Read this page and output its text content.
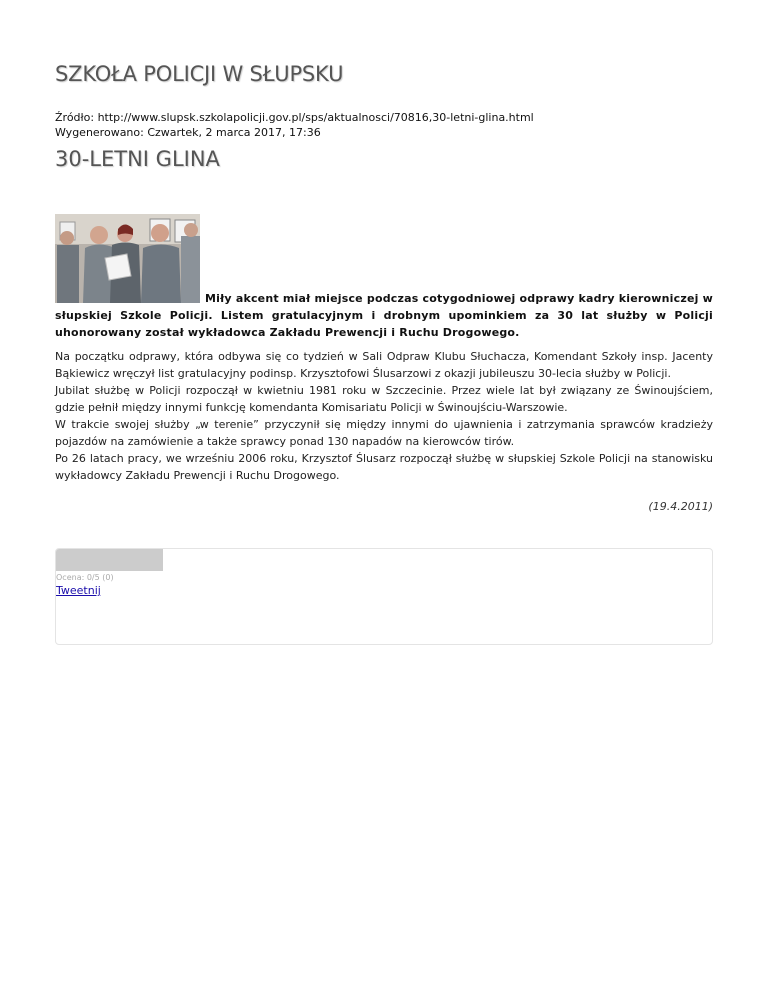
SZKOŁA POLICJI W SŁUPSKU
Źródło: http://www.slupsk.szkolapolicji.gov.pl/sps/aktualnosci/70816,30-letni-glina.html
Wygenerowano: Czwartek, 2 marca 2017, 17:36
30-LETNI GLINA

Miły akcent miał miejsce podczas cotygodniowej odprawy kadry kierowniczej w słupskiej Szkole Policji. Listem gratulacyjnym i drobnym upominkiem za 30 lat służby w Policji uhonorowany został wykładowca Zakładu Prewencji i Ruchu Drogowego.

Na początku odprawy, która odbywa się co tydzień w Sali Odpraw Klubu Słuchacza, Komendant Szkoły insp. Jacenty Bąkiewicz wręczył list gratulacyjny podinsp. Krzysztofowi Ślusarzowi z okazji jubileuszu 30-lecia służby w Policji.

Jubilat służbę w Policji rozpoczął w kwietniu 1981 roku w Szczecinie. Przez wiele lat był związany ze Świnoujściem, gdzie pełnił między innymi funkcję komendanta Komisariatu Policji w Świnoujściu-Warszowie.

W trakcie swojej służby „w terenie” przyczynił się między innymi do ujawnienia i zatrzymania sprawców kradzieży pojazdów na zamówienie a także sprawcy ponad 130 napadów na kierowców tirów.

Po 26 latach pracy, we wrześniu 2006 roku, Krzysztof Ślusarz rozpoczął służbę w słupskiej Szkole Policji na stanowisku wykładowcy Zakładu Prewencji i Ruchu Drogowego.

(19.4.2011)
Ocena: 0/5 (0)
Tweetnij
